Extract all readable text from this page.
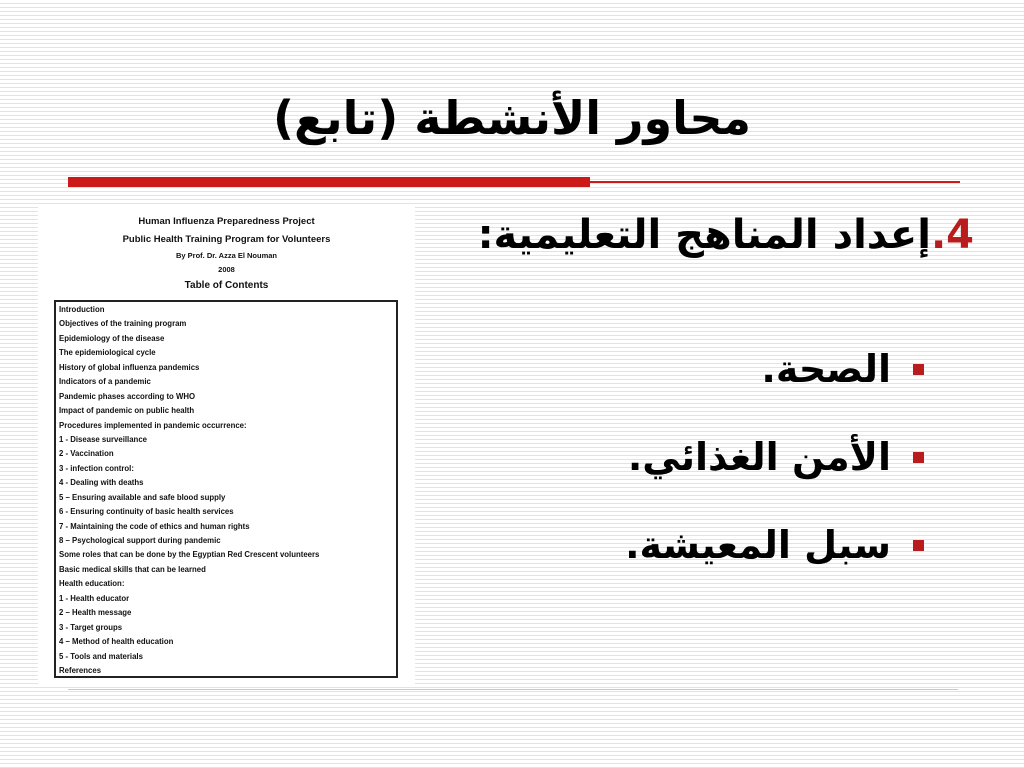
محاور الأنشطة (تابع)
4.إعداد المناهج التعليمية:
الصحة.
الأمن الغذائي.
سبل المعيشة.
Human Influenza Preparedness Project
Public Health Training Program for Volunteers
By Prof. Dr. Azza El Nouman
2008
Table of Contents
Introduction
Objectives of the training program
Epidemiology of the disease
The epidemiological cycle
History of global influenza pandemics
Indicators of a pandemic
Pandemic phases according to WHO
Impact of pandemic on public health
Procedures implemented in pandemic occurrence:
1 - Disease surveillance
2 - Vaccination
3 - infection control:
4 - Dealing with deaths
5 – Ensuring available and safe blood supply
6 - Ensuring continuity of basic health services
7 - Maintaining the code of ethics and human rights
8 – Psychological support during pandemic
Some roles that can be done by the Egyptian Red Crescent volunteers
Basic medical skills that can be learned
Health education:
1 - Health educator
2 – Health message
3 - Target groups
4 – Method of health education
5 - Tools and materials
References
